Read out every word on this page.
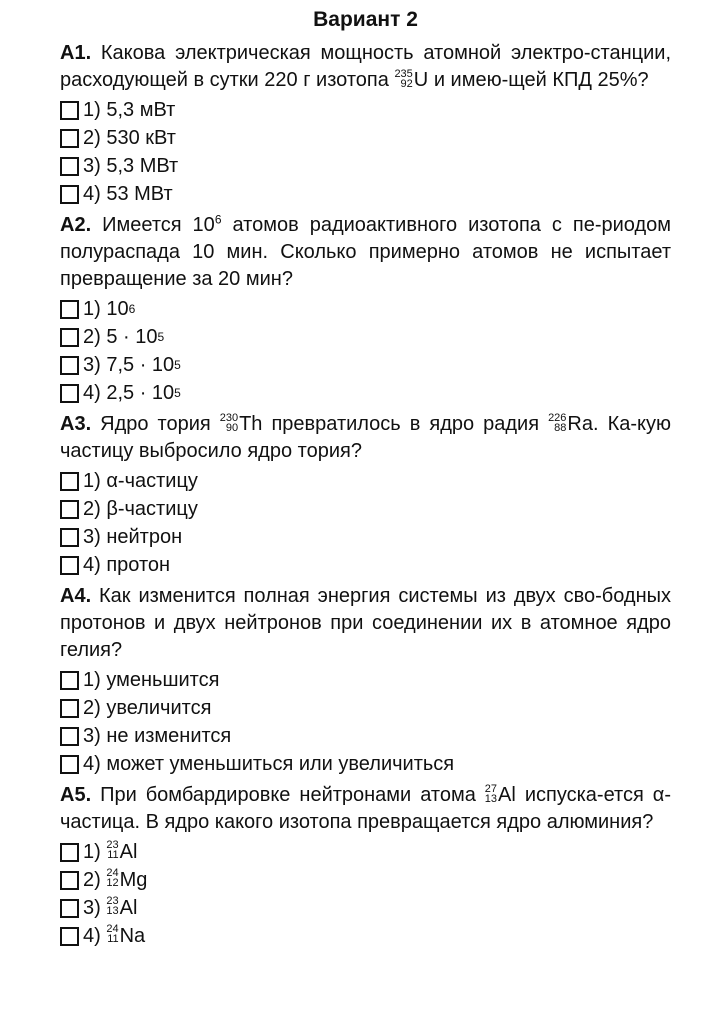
Вариант 2

А1. Какова электрическая мощность атомной электро-станции, расходующей в сутки 220 г изотопа 235
92 U и имею-щей КПД 25%?

1) 5,3 мВт
2) 530 кВт
3) 5,3 МВт
4) 53 МВт

А2. Имеется $10^6$ атомов радиоактивного изотопа с пе-риодом полураспада 10 мин. Сколько примерно атомов не испытает превращение за 20 мин?

1) 10 6
2) 5 · 10 5
3) 7,5 · 10 5
4) 2,5 · 10 5

А3. Ядро тория 230
90 Th превратилось в ядро радия 226
88 Ra. Ка-кую частицу выбросило ядро тория?

1) α-частицу
2) β-частицу
3) нейтрон
4) протон

А4. Как изменится полная энергия системы из двух сво-бодных протонов и двух нейтронов при соединении их в атомное ядро гелия?

1) уменьшится
2) увеличится
3) не изменится
4) может уменьшиться или увеличиться

А5. При бомбардировке нейтронами атома 27
13 Al испуска-ется α-частица. В ядро какого изотопа превращается ядро алюминия?

1)
23
11 Al
2)
24
12 Mg
3)
23
13 Al
4)
24
11 Na
